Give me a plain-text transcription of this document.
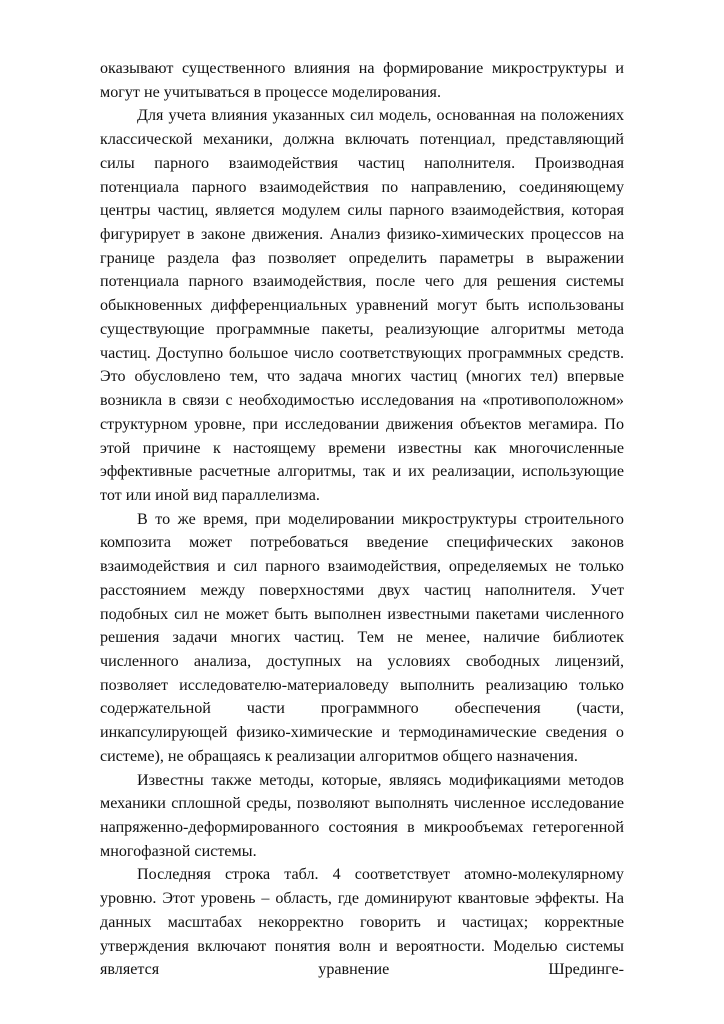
оказывают существенного влияния на формирование микроструктуры и могут не учитываться в процессе моделирования.

Для учета влияния указанных сил модель, основанная на положениях классической механики, должна включать потенциал, представляющий силы парного взаимодействия частиц наполнителя. Производная потенциала парного взаимодействия по направлению, соединяющему центры частиц, является модулем силы парного взаимодействия, которая фигурирует в законе движения. Анализ физико-химических процессов на границе раздела фаз позволяет определить параметры в выражении потенциала парного взаимодействия, после чего для решения системы обыкновенных дифференциальных уравнений могут быть использованы существующие программные пакеты, реализующие алгоритмы метода частиц. Доступно большое число соответствующих программных средств. Это обусловлено тем, что задача многих частиц (многих тел) впервые возникла в связи с необходимостью исследования на «противоположном» структурном уровне, при исследовании движения объектов мегамира. По этой причине к настоящему времени известны как многочисленные эффективные расчетные алгоритмы, так и их реализации, использующие тот или иной вид параллелизма.

В то же время, при моделировании микроструктуры строительного композита может потребоваться введение специфических законов взаимодействия и сил парного взаимодействия, определяемых не только расстоянием между поверхностями двух частиц наполнителя. Учет подобных сил не может быть выполнен известными пакетами численного решения задачи многих частиц. Тем не менее, наличие библиотек численного анализа, доступных на условиях свободных лицензий, позволяет исследователю-материаловеду выполнить реализацию только содержательной части программного обеспечения (части, инкапсулирующей физико-химические и термодинамические сведения о системе), не обращаясь к реализации алгоритмов общего назначения.

Известны также методы, которые, являясь модификациями методов механики сплошной среды, позволяют выполнять численное исследование напряженно-деформированного состояния в микрообъемах гетерогенной многофазной системы.

Последняя строка табл. 4 соответствует атомно-молекулярному уровню. Этот уровень – область, где доминируют квантовые эффекты. На данных масштабах некорректно говорить и частицах; корректные утверждения включают понятия волн и вероятности. Моделью системы является уравнение Шрединге-
